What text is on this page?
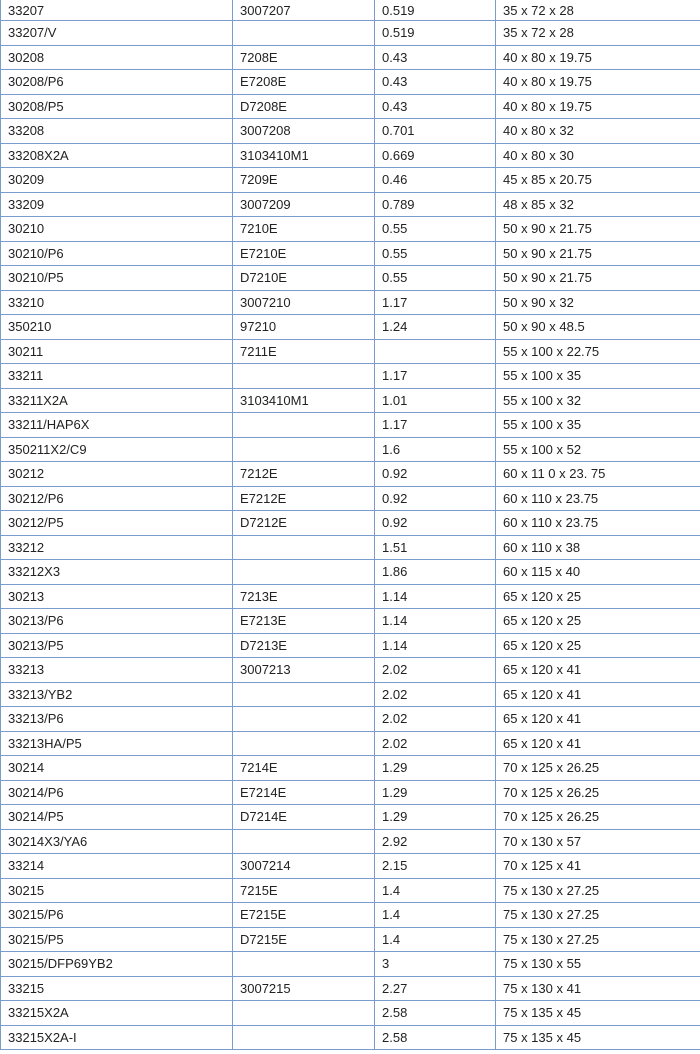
33207	3007207	0.519	35 x 72 x 28
33207/V		0.519	35 x 72 x 28
30208	7208E	0.43	40 x 80 x 19.75
30208/P6	E7208E	0.43	40 x 80 x 19.75
30208/P5	D7208E	0.43	40 x 80 x 19.75
33208	3007208	0.701	40 x 80 x 32
33208X2A	3103410M1	0.669	40 x 80 x 30
30209	7209E	0.46	45 x 85 x 20.75
33209	3007209	0.789	48 x 85 x 32
30210	7210E	0.55	50 x 90 x 21.75
30210/P6	E7210E	0.55	50 x 90 x 21.75
30210/P5	D7210E	0.55	50 x 90 x 21.75
33210	3007210	1.17	50 x 90 x 32
350210	97210	1.24	50 x 90 x 48.5
30211	7211E		55 x 100 x 22.75
33211		1.17	55 x 100 x 35
33211X2A	3103410M1	1.01	55 x 100 x 32
33211/HAP6X		1.17	55 x 100 x 35
350211X2/C9		1.6	55 x 100 x 52
30212	7212E	0.92	60 x 11 0 x 23. 75
30212/P6	E7212E	0.92	60 x 110 x 23.75
30212/P5	D7212E	0.92	60 x 110 x 23.75
33212		1.51	60 x 110 x 38
33212X3		1.86	60 x 115 x 40
30213	7213E	1.14	65 x 120 x 25
30213/P6	E7213E	1.14	65 x 120 x 25
30213/P5	D7213E	1.14	65 x 120 x 25
33213	3007213	2.02	65 x 120 x 41
33213/YB2		2.02	65 x 120 x 41
33213/P6		2.02	65 x 120 x 41
33213HA/P5		2.02	65 x 120 x 41
30214	7214E	1.29	70 x 125 x 26.25
30214/P6	E7214E	1.29	70 x 125 x 26.25
30214/P5	D7214E	1.29	70 x 125 x 26.25
30214X3/YA6		2.92	70 x 130 x 57
33214	3007214	2.15	70 x 125 x 41
30215	7215E	1.4	75 x 130 x 27.25
30215/P6	E7215E	1.4	75 x 130 x 27.25
30215/P5	D7215E	1.4	75 x 130 x 27.25
30215/DFP69YB2		3	75 x 130 x 55
33215	3007215	2.27	75 x 130 x 41
33215X2A		2.58	75 x 135 x 45
33215X2A-I		2.58	75 x 135 x 45
